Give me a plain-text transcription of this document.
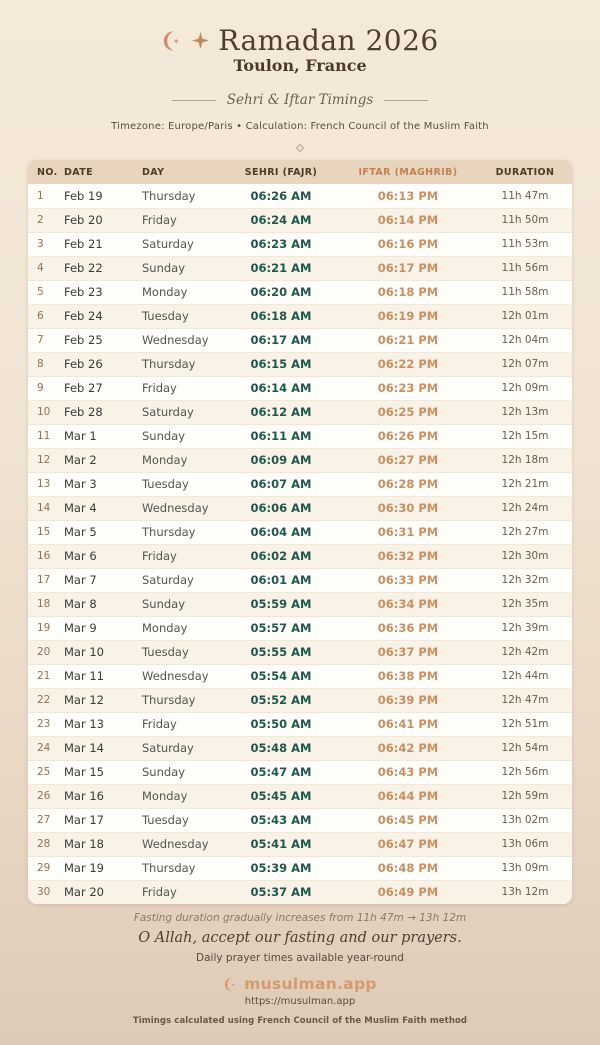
Ramadan 2026
Toulon, France
Sehri & Iftar Timings
Timezone: Europe/Paris • Calculation: French Council of the Muslim Faith
NO.	DATE	DAY	SEHRI (FAJR)	IFTAR (MAGHRIB)	DURATION
1	Feb 19	Thursday	06:26 AM	06:13 PM	11h 47m
2	Feb 20	Friday	06:24 AM	06:14 PM	11h 50m
3	Feb 21	Saturday	06:23 AM	06:16 PM	11h 53m
4	Feb 22	Sunday	06:21 AM	06:17 PM	11h 56m
5	Feb 23	Monday	06:20 AM	06:18 PM	11h 58m
6	Feb 24	Tuesday	06:18 AM	06:19 PM	12h 01m
7	Feb 25	Wednesday	06:17 AM	06:21 PM	12h 04m
8	Feb 26	Thursday	06:15 AM	06:22 PM	12h 07m
9	Feb 27	Friday	06:14 AM	06:23 PM	12h 09m
10	Feb 28	Saturday	06:12 AM	06:25 PM	12h 13m
11	Mar 1	Sunday	06:11 AM	06:26 PM	12h 15m
12	Mar 2	Monday	06:09 AM	06:27 PM	12h 18m
13	Mar 3	Tuesday	06:07 AM	06:28 PM	12h 21m
14	Mar 4	Wednesday	06:06 AM	06:30 PM	12h 24m
15	Mar 5	Thursday	06:04 AM	06:31 PM	12h 27m
16	Mar 6	Friday	06:02 AM	06:32 PM	12h 30m
17	Mar 7	Saturday	06:01 AM	06:33 PM	12h 32m
18	Mar 8	Sunday	05:59 AM	06:34 PM	12h 35m
19	Mar 9	Monday	05:57 AM	06:36 PM	12h 39m
20	Mar 10	Tuesday	05:55 AM	06:37 PM	12h 42m
21	Mar 11	Wednesday	05:54 AM	06:38 PM	12h 44m
22	Mar 12	Thursday	05:52 AM	06:39 PM	12h 47m
23	Mar 13	Friday	05:50 AM	06:41 PM	12h 51m
24	Mar 14	Saturday	05:48 AM	06:42 PM	12h 54m
25	Mar 15	Sunday	05:47 AM	06:43 PM	12h 56m
26	Mar 16	Monday	05:45 AM	06:44 PM	12h 59m
27	Mar 17	Tuesday	05:43 AM	06:45 PM	13h 02m
28	Mar 18	Wednesday	05:41 AM	06:47 PM	13h 06m
29	Mar 19	Thursday	05:39 AM	06:48 PM	13h 09m
30	Mar 20	Friday	05:37 AM	06:49 PM	13h 12m
Fasting duration gradually increases from 11h 47m → 13h 12m
O Allah, accept our fasting and our prayers.
Daily prayer times available year-round
musulman.app
https://musulman.app
Timings calculated using French Council of the Muslim Faith method
